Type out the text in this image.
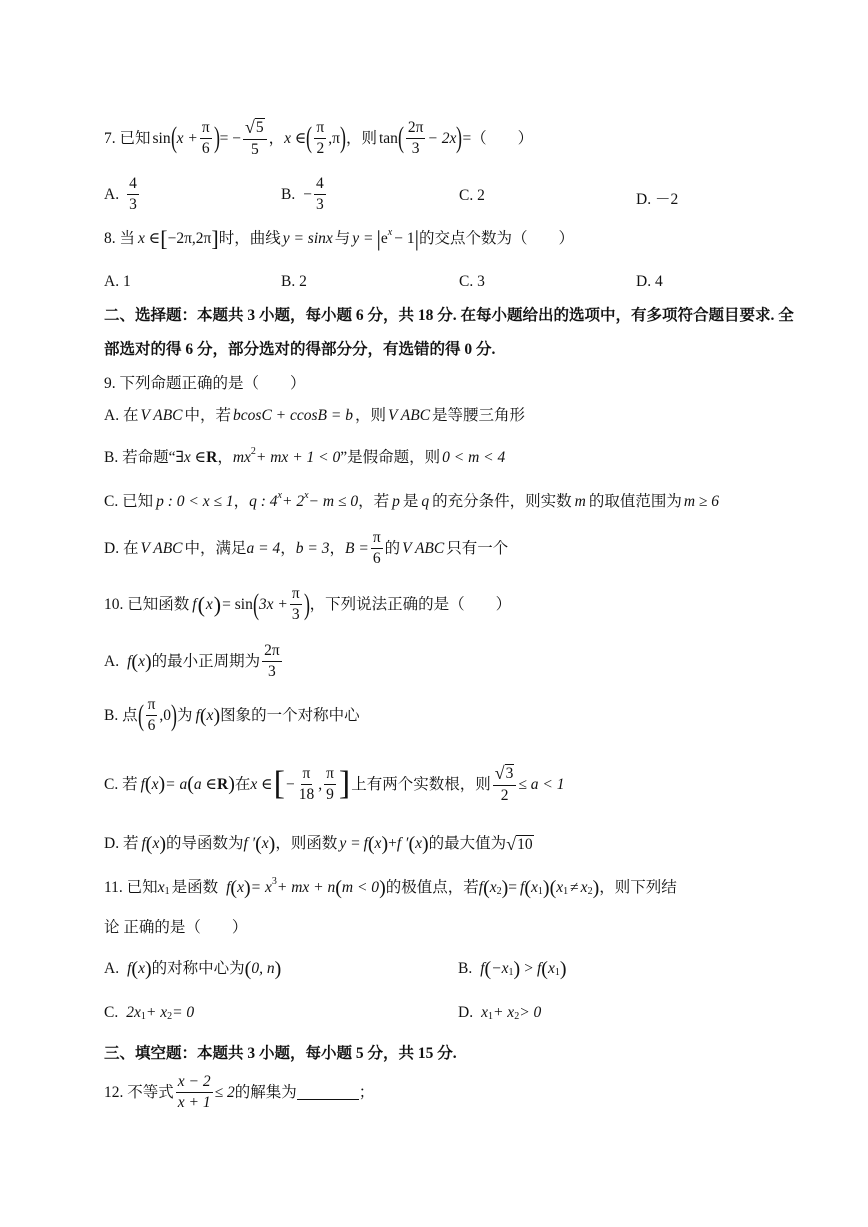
7. 已知 sin ( $x + \frac{\pi}{6}$ ) = − $\frac{√ 5}{5}$ ， x ∈ ( $\frac{\pi}{2} ,\pi$ ) ，则 tan ( $\frac{2\pi}{3} - 2x$ ) =（　　）
A. $\frac{4}{3}$	B. − $\frac{4}{3}$	C. 2	D. －2
8. 当 x ∈ [ −2π,2π ] 时，曲线 y = sinx 与 y = | $e^x - 1$ | 的交点个数为（　　）
A. 1	B. 2	C. 3	D. 4
二、选择题：本题共 3 小题，每小题 6 分，共 18 分. 在每小题给出的选项中，有多项符合题目要求. 全
部选对的得 6 分，部分选对的得部分分，有选错的得 0 分.
9. 下列命题正确的是（　　）
A. 在 V ABC 中，若 bcosC + ccosB = b ，则 V ABC 是等腰三角形
B. 若命题“ ∃x ∈ R ， $mx^2$ + mx + 1 < 0 ”是假命题，则 0 < m < 4
C. 已知 p : 0 < x ≤ 1 ， q : $4^x + 2^x - m \le 0$ ，若 p 是 q 的充分条件，则实数 m 的取值范围为 m ≥ 6
D. 在 V ABC 中，满足 a = 4 ， b = 3 ， $B = \frac{\pi}{6}$ 的 V ABC 只有一个
10. 已知函数 f ( x ) = sin ( $3x + \frac{\pi}{3}$ ) ，下列说法正确的是（　　）
A. f ( x ) 的最小正周期为 $\frac{2\pi}{3}$
B. 点 ( $\frac{\pi}{6} ,0$ ) 为 f ( x ) 图象的一个对称中心
C. 若 f ( x ) = a ( a ∈ R ) 在 x ∈ [ − $\frac{\pi}{18}$ , $\frac{\pi}{9}$ ] 上有两个实数根，则 $\frac{√ 3}{2} \le a < 1$
D. 若 f ( x ) 的导函数为 f ′ ( x ) ，则函数 y = f ( x ) + f ′ ( x ) 的最大值为 √ 10
11. 已知 $x_1$ 是函数 f ( x ) = $x^3$ + mx + n ( m < 0 ) 的极值点，若 f ( $x_2$ ) = f ( $x_1$ ) ( $x_1 \ne x_2$ ) ，则下列结
论 正确的是（　　）
A. f ( x ) 的对称中心为 ( 0, n )	B. f ( $-x_1$ ) > f ( $x_1$ )
C. $2x_1 + x_2 = 0$	D. $x_1 + x_2 > 0$
三、填空题：本题共 3 小题，每小题 5 分，共 15 分.
12. 不等式 $\frac{x - 2}{x + 1} \le 2$ 的解集为	；
